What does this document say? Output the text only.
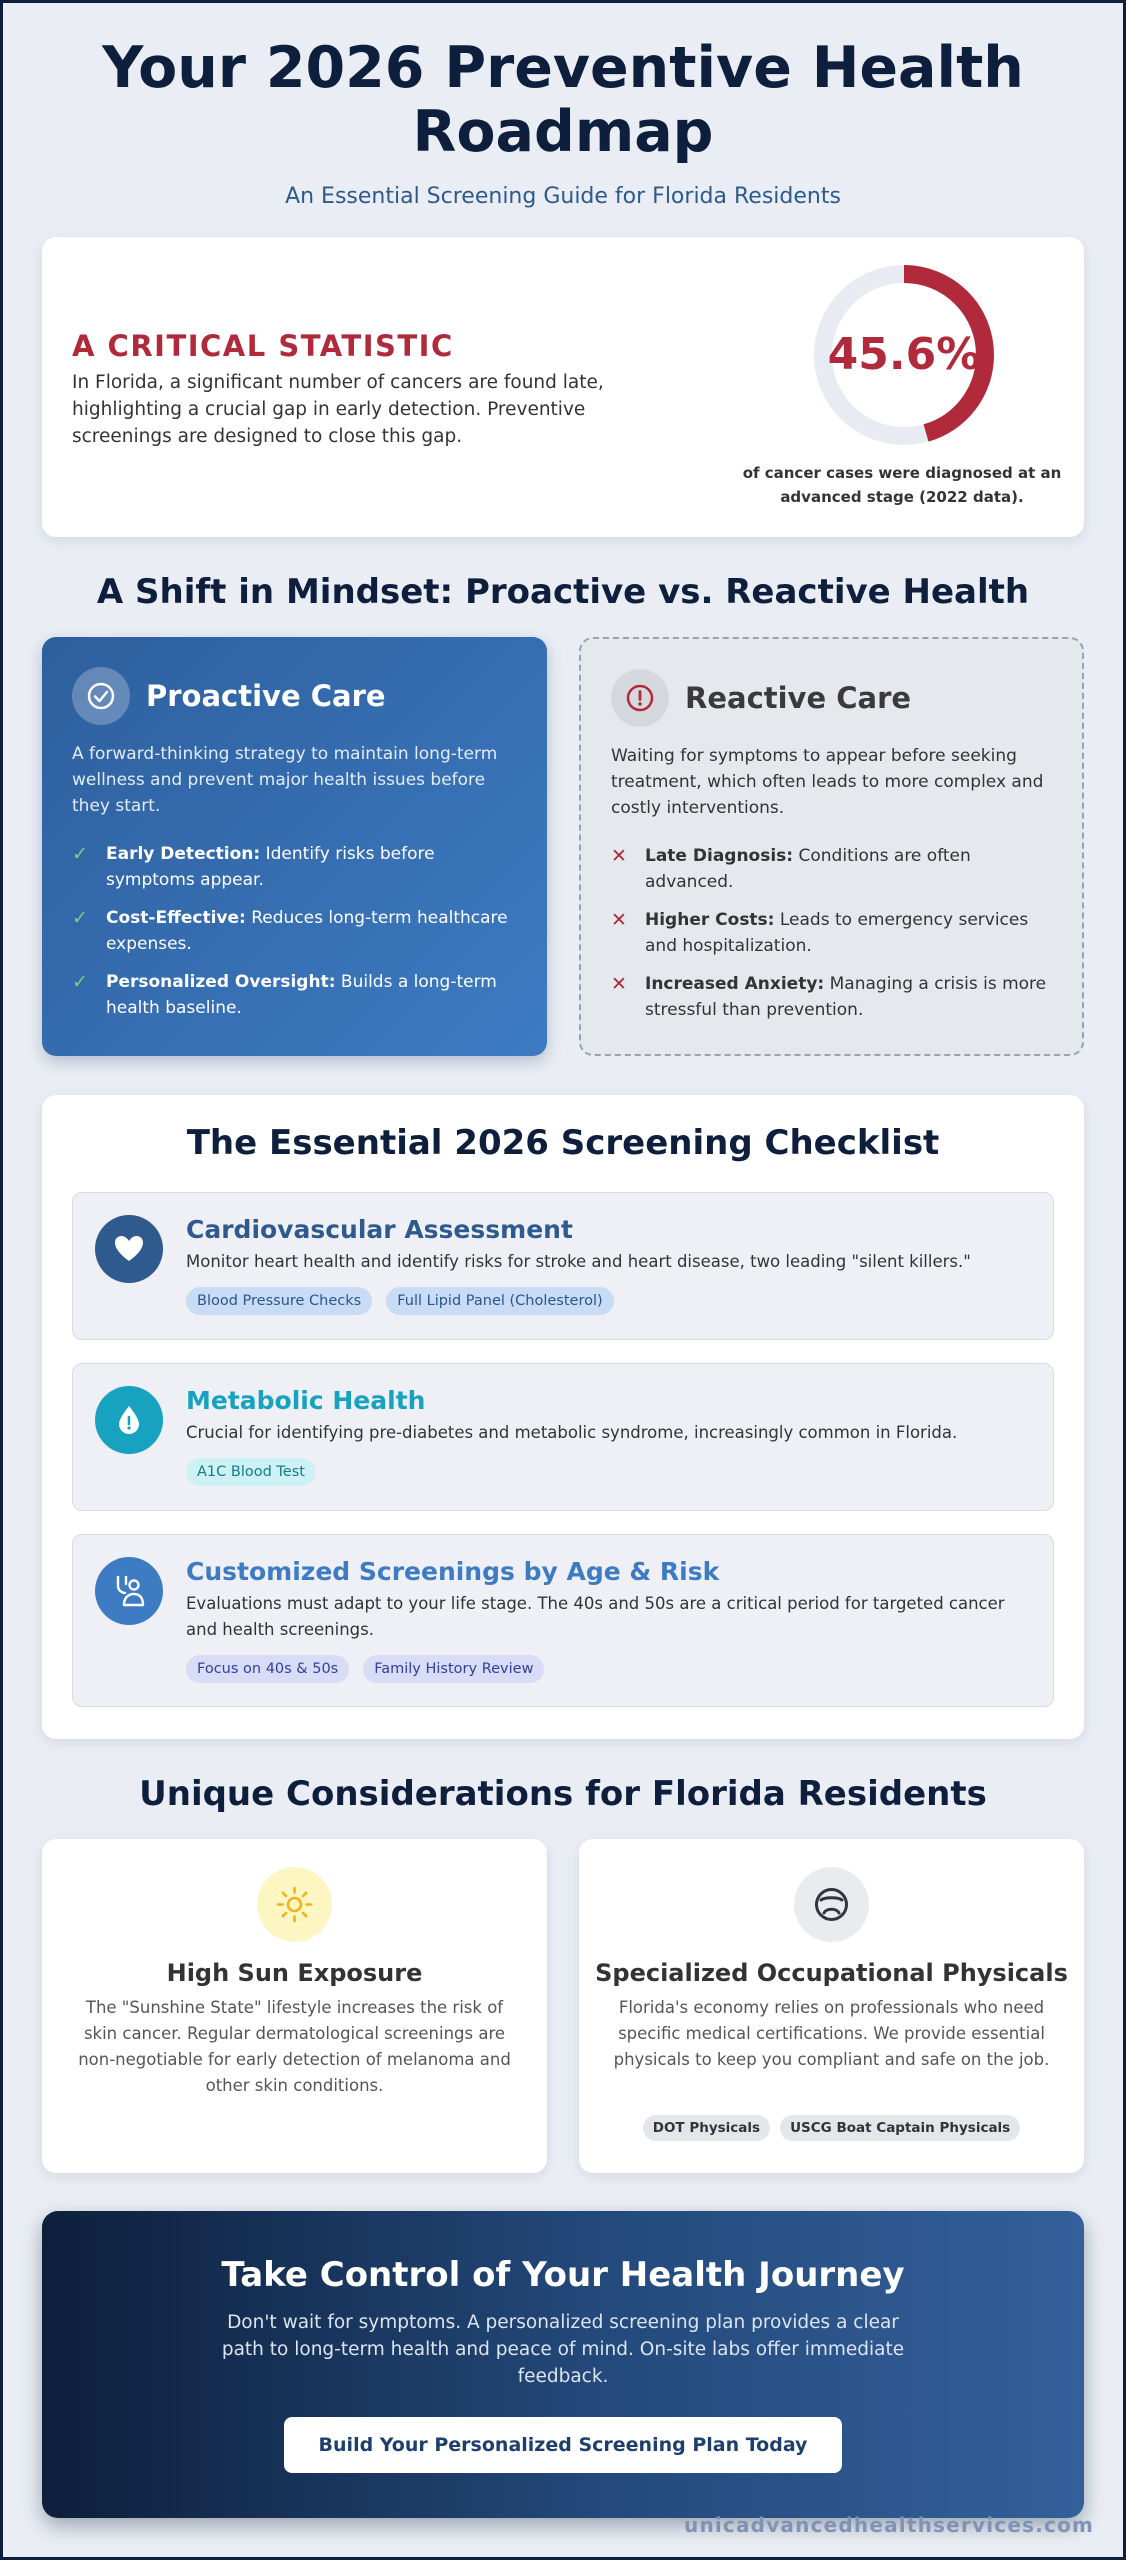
Your 2026 Preventive Health
Roadmap
An Essential Screening Guide for Florida Residents
A CRITICAL STATISTIC
In Florida, a significant number of cancers are found late, highlighting a crucial gap in early detection. Preventive screenings are designed to close this gap.
45.6%
of cancer cases were diagnosed at an advanced stage (2022 data).
A Shift in Mindset: Proactive vs. Reactive Health
Proactive Care
A forward-thinking strategy to maintain long-term wellness and prevent major health issues before they start.
✓ Early Detection: Identify risks before symptoms appear.
✓ Cost-Effective: Reduces long-term healthcare expenses.
✓ Personalized Oversight: Builds a long-term health baseline.
Reactive Care
Waiting for symptoms to appear before seeking treatment, which often leads to more complex and costly interventions.
✕ Late Diagnosis: Conditions are often advanced.
✕ Higher Costs: Leads to emergency services and hospitalization.
✕ Increased Anxiety: Managing a crisis is more stressful than prevention.
The Essential 2026 Screening Checklist
Cardiovascular Assessment
Monitor heart health and identify risks for stroke and heart disease, two leading "silent killers."
Blood Pressure Checks	Full Lipid Panel (Cholesterol)
Metabolic Health
Crucial for identifying pre-diabetes and metabolic syndrome, increasingly common in Florida.
A1C Blood Test
Customized Screenings by Age & Risk
Evaluations must adapt to your life stage. The 40s and 50s are a critical period for targeted cancer and health screenings.
Focus on 40s & 50s	Family History Review
Unique Considerations for Florida Residents
High Sun Exposure
The "Sunshine State" lifestyle increases the risk of skin cancer. Regular dermatological screenings are non-negotiable for early detection of melanoma and other skin conditions.
Specialized Occupational Physicals
Florida's economy relies on professionals who need specific medical certifications. We provide essential physicals to keep you compliant and safe on the job.
DOT Physicals	USCG Boat Captain Physicals
Take Control of Your Health Journey
Don't wait for symptoms. A personalized screening plan provides a clear path to long-term health and peace of mind. On-site labs offer immediate feedback.
Build Your Personalized Screening Plan Today
unicadvancedhealthservices.com
